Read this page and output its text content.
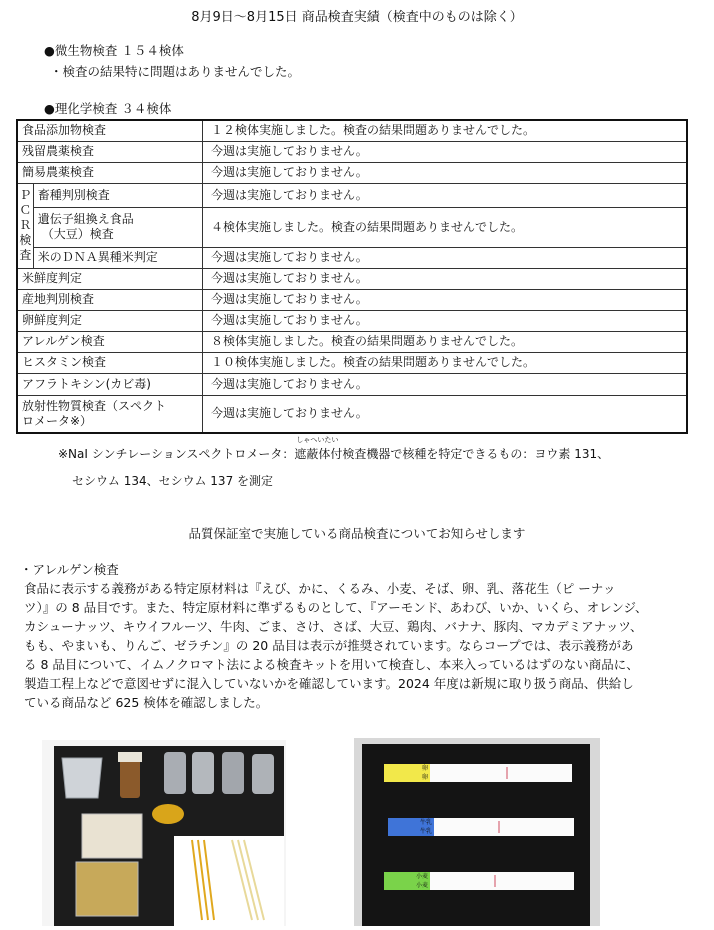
8月9日～8月15日 商品検査実績（検査中のものは除く）
●微生物検査 １５４検体
・検査の結果特に問題はありませんでした。
●理化学検査 ３４検体
食品添加物検査		１２検体実施しました。検査の結果問題ありませんでした。
残留農薬検査		今週は実施しておりません。
簡易農薬検査		今週は実施しておりません。
ＰＣＲ検査	畜種判別検査	今週は実施しておりません。

	遺伝子組換え食品
（大豆）検査	４検体実施しました。検査の結果問題ありませんでした。
	米のＤＮＡ異種米判定	今週は実施しておりません。
米鮮度判定		今週は実施しておりません。
産地判別検査		今週は実施しておりません。
卵鮮度判定		今週は実施しておりません。
アレルゲン検査		８検体実施しました。検査の結果問題ありませんでした。
ヒスタミン検査		１０検体実施しました。検査の結果問題ありませんでした。
アフラトキシン(カビ毒)		今週は実施しておりません。

放射性物質検査（スペクト
ロメータ※）		今週は実施しておりません。
※NaI シンチレーションスペクトロメータ：
しゃへいたい
遮蔽体付検査機器で核種を特定できるもの：ヨウ素 131、
セシウム 134、セシウム 137 を測定
品質保証室で実施している商品検査についてお知らせします
・アレルゲン検査
食品に表示する義務がある特定原材料は『えび、かに、くるみ、小麦、そば、卵、乳、落花生（ピ ーナッ
ツ）』の 8 品目です。また、特定原材料に準ずるものとして、『アーモンド、あわび、いか、いくら、オレンジ、
カシューナッツ、キウイフルーツ、牛肉、ごま、さけ、さば、大豆、鶏肉、バナナ、豚肉、マカデミアナッツ、
もも、やまいも、りんご、ゼラチン』の 20 品目は表示が推奨されています。ならコープでは、表示義務があ
る 8 品目について、イムノクロマト法による検査キットを用いて検査し、本来入っているはずのない商品に、
製造工程上などで意図せずに混入していないかを確認しています。2024 年度は新規に取り扱う商品、供給し
ている商品など 625 検体を確認しました。
卵
卵
牛乳
牛乳
小麦
小麦
